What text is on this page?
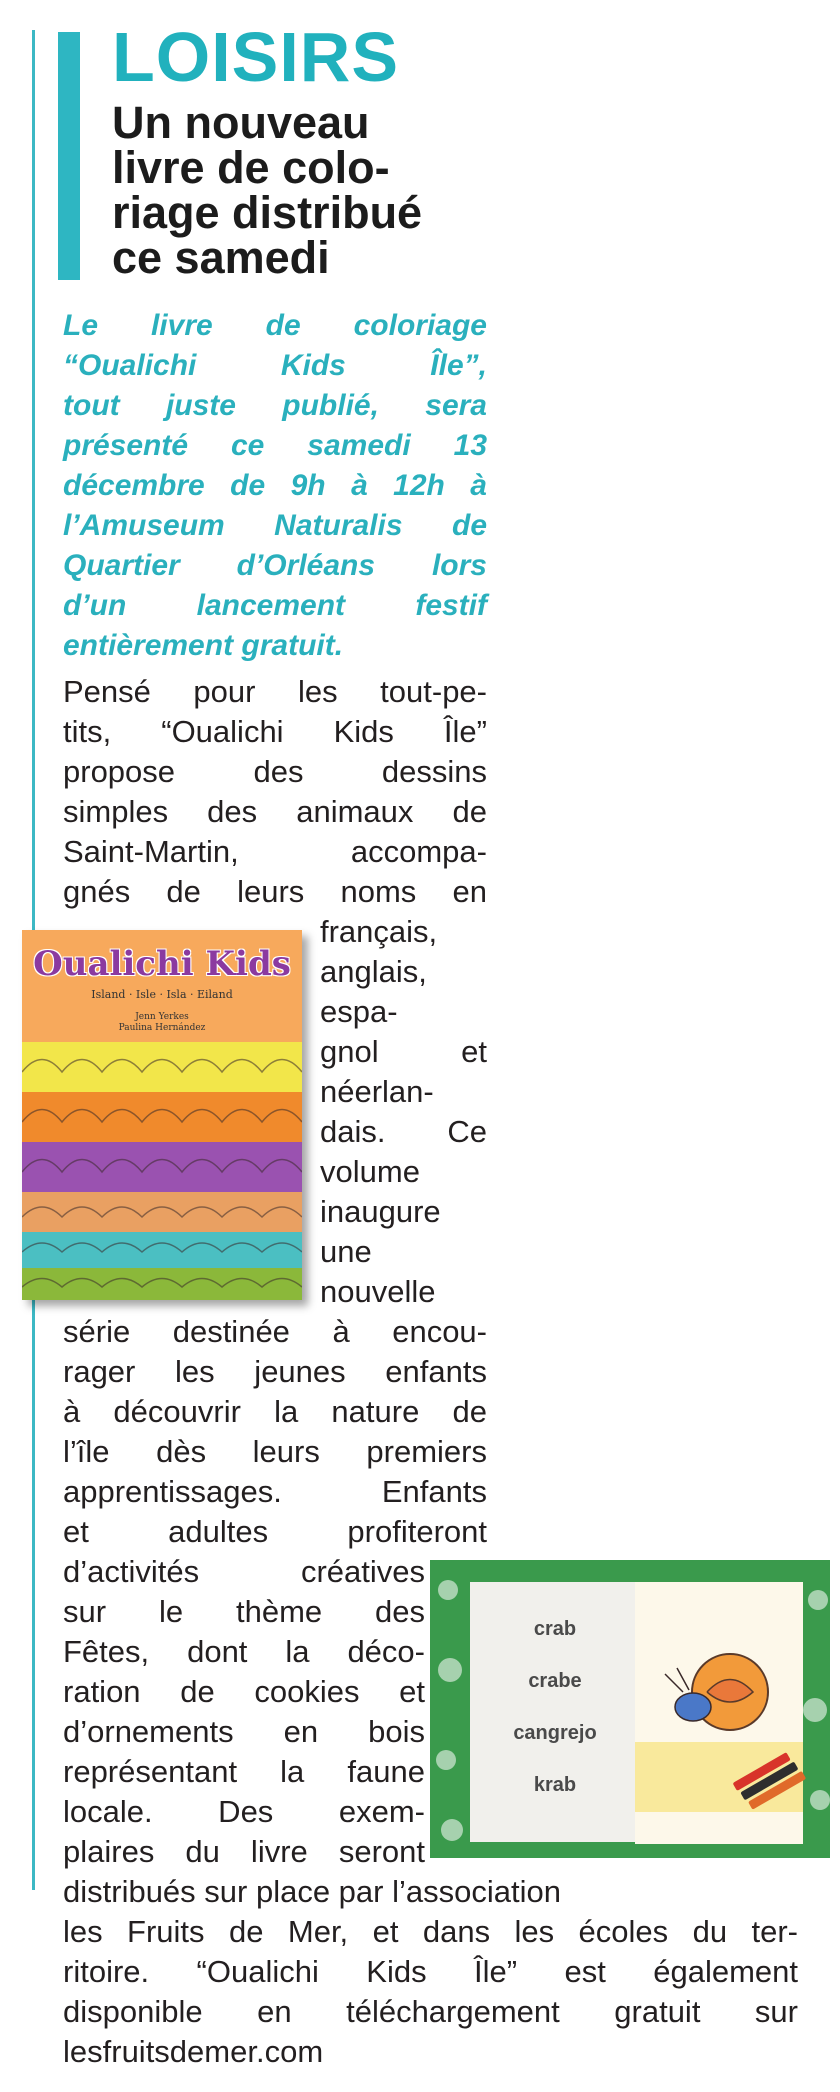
LOISIRS
Un nouveau
livre de colo-
riage distribué
ce samedi

Le livre de coloriage
“Oualichi Kids Île”,
tout juste publié, sera
présenté ce samedi 13
décembre de 9h à 12h à
l’Amuseum Naturalis de
Quartier d’Orléans lors
d’un lancement festif
entièrement gratuit.

Pensé pour les tout-pe-
tits, “Oualichi Kids Île”
propose des dessins
simples des animaux de
Saint-Martin, accompa-
gnés de leurs noms en
français,
anglais,
espa-
gnol et
néerlan-
dais. Ce
volume
inaugure
une
nouvelle
série destinée à encou-
rager les jeunes enfants
à découvrir la nature de
l’île dès leurs premiers
apprentissages. Enfants
et adultes profiteront
d’activités créatives
sur le thème des
Fêtes, dont la déco-
ration de cookies et
d’ornements en bois
représentant la faune
locale. Des exem-
plaires du livre seront
distribués sur place par l’association
les Fruits de Mer, et dans les écoles du ter-
ritoire. “Oualichi Kids Île” est également
disponible en téléchargement gratuit sur
lesfruitsdemer.com
Oualichi Kids
Island · Isle · Isla · Eiland
Jenn Yerkes
Paulina Hernández
crab
crabe
cangrejo
krab
